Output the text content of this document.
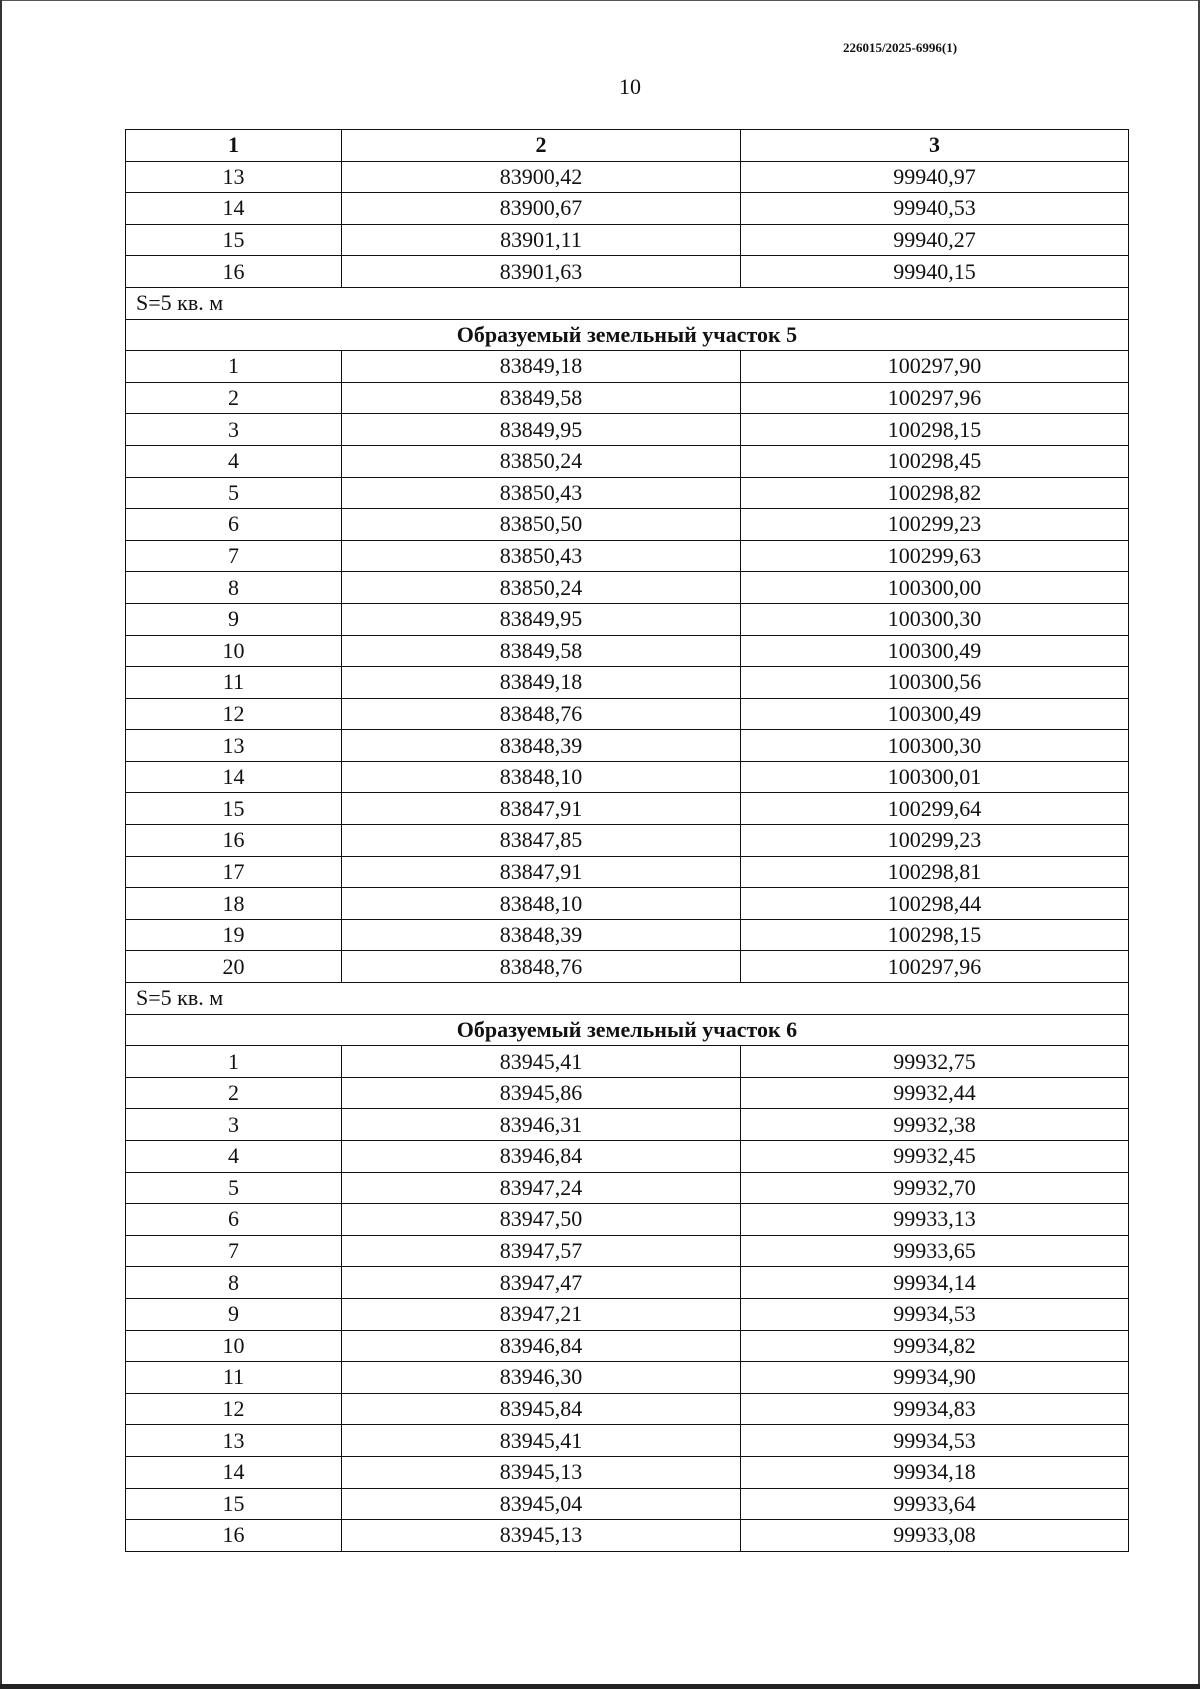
226015/2025-6996(1)
10
1	2	3
13	83900,42	99940,97
14	83900,67	99940,53
15	83901,11	99940,27
16	83901,63	99940,15
S=5 кв. м		
Образуемый земельный участок 5		
1	83849,18	100297,90
2	83849,58	100297,96
3	83849,95	100298,15
4	83850,24	100298,45
5	83850,43	100298,82
6	83850,50	100299,23
7	83850,43	100299,63
8	83850,24	100300,00
9	83849,95	100300,30
10	83849,58	100300,49
11	83849,18	100300,56
12	83848,76	100300,49
13	83848,39	100300,30
14	83848,10	100300,01
15	83847,91	100299,64
16	83847,85	100299,23
17	83847,91	100298,81
18	83848,10	100298,44
19	83848,39	100298,15
20	83848,76	100297,96
S=5 кв. м		
Образуемый земельный участок 6		
1	83945,41	99932,75
2	83945,86	99932,44
3	83946,31	99932,38
4	83946,84	99932,45
5	83947,24	99932,70
6	83947,50	99933,13
7	83947,57	99933,65
8	83947,47	99934,14
9	83947,21	99934,53
10	83946,84	99934,82
11	83946,30	99934,90
12	83945,84	99934,83
13	83945,41	99934,53
14	83945,13	99934,18
15	83945,04	99933,64
16	83945,13	99933,08
